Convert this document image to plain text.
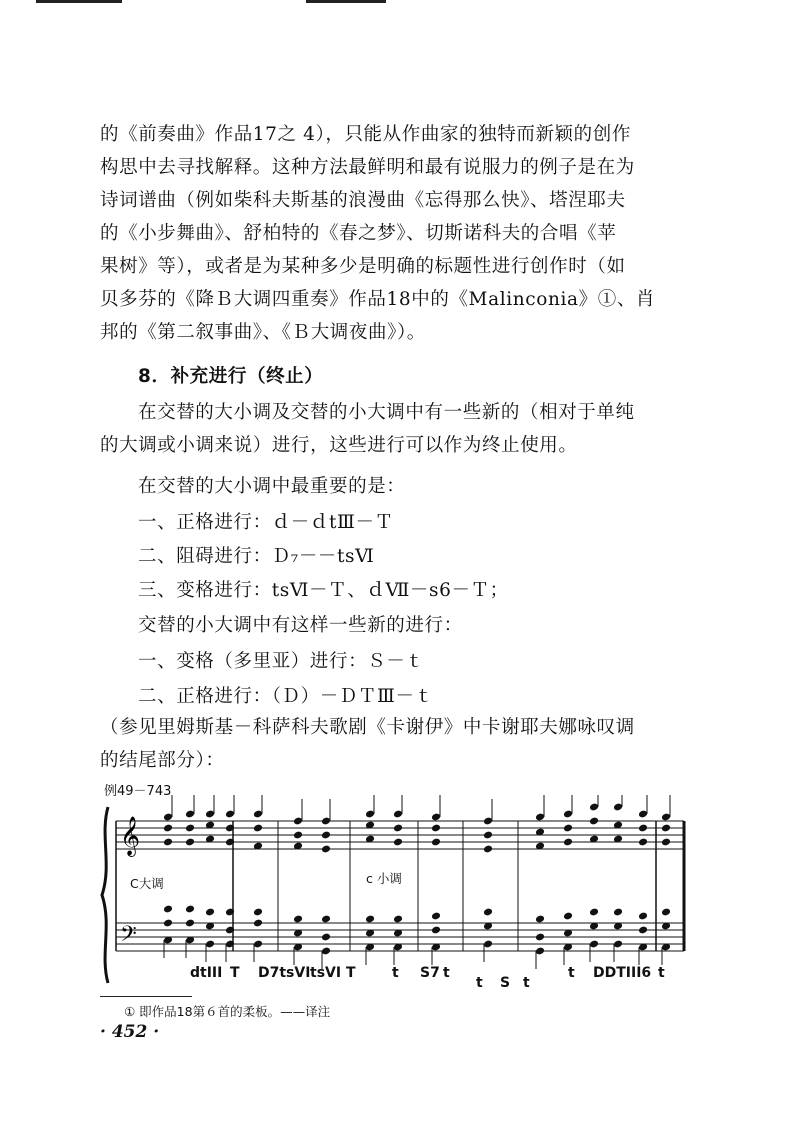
的《前奏曲》作品17之 4），只能从作曲家的独特而新颖的创作

构思中去寻找解释。这种方法最鲜明和最有说服力的例子是在为

诗词谱曲（例如柴科夫斯基的浪漫曲《忘得那么快》、塔涅耶夫

的《小步舞曲》、舒柏特的《春之梦》、切斯诺科夫的合唱《苹

果树》等），或者是为某种多少是明确的标题性进行创作时（如

贝多芬的《降Ｂ大调四重奏》作品18中的《Malinconia》①、肖

邦的《第二叙事曲》、《Ｂ大调夜曲》）。

8．补充进行（终止）

在交替的大小调及交替的小大调中有一些新的（相对于单纯

的大调或小调来说）进行，这些进行可以作为终止使用。

在交替的大小调中最重要的是：

一、正格进行：ｄ－ｄtⅢ－Ｔ

二、阻碍进行：Ｄ₇－－tsⅥ

三、变格进行：tsⅥ－Ｔ、ｄⅦ－s6－Ｔ；

交替的小大调中有这样一些新的进行：

一、变格（多里亚）进行：Ｓ－ｔ

二、正格进行：（Ｄ）－ＤＴⅢ－ｔ

（参见里姆斯基－科萨科夫歌剧《卡谢伊》中卡谢耶夫娜咏叹调

的结尾部分）：

例49－743
𝄞
𝄢
C大调	c 小调
dtIII T D7tsVI tsVI T	t S7 t
t S t
t DDTIII6 t
① 即作品18第６首的柔板。——译注
· 452 ·
